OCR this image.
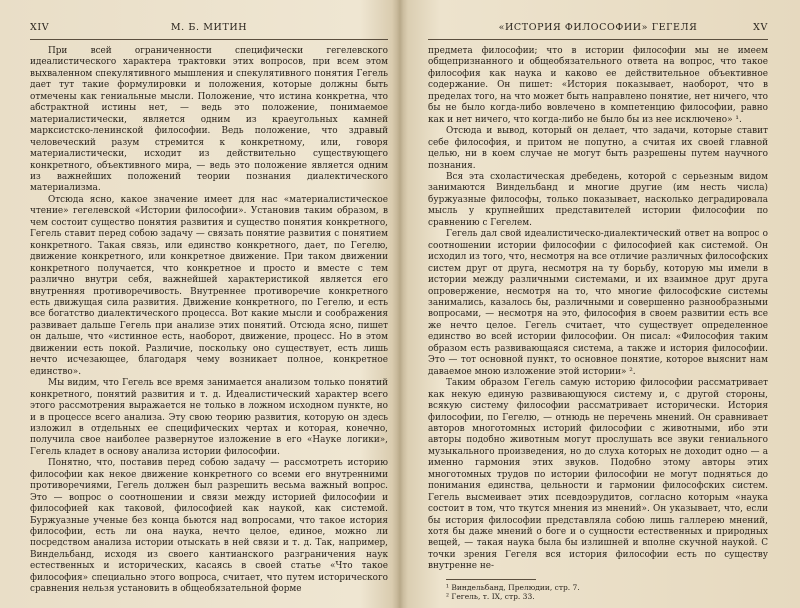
XIV	М. Б. МИТИН

При всей ограниченности специфически гегелевского идеалистического характера трактовки этих вопросов, при всем этом выхваленном спекулятивного мышления и спекулятивного понятия Гегель дает тут такие формулировки и положения, которые должны быть отмечены как гениальные мысли. Положение, что истина конкретна, что абстрактной истины нет, — ведь это положение, понимаемое материалистически, является одним из краеугольных камней марксистско-ленинской философии. Ведь положение, что здравый человеческий разум стремится к конкретному, или, говоря материалистически, исходит из действительно существующего конкретного, объективного мира, — ведь это положение является одним из важнейших положений теории познания диалектического материализма.

Отсюда ясно, какое значение имеет для нас «материалистическое чтение» гегелевской «Истории философии». Установив таким образом, в чем состоит существо понятия развития и существо понятия конкретного, Гегель ставит перед собою задачу — связать понятие развития с понятием конкретного. Такая связь, или единство конкретного, дает, по Гегелю, движение конкретного, или конкретное движение. При таком движении конкретного получается, что конкретное и просто и вместе с тем различно внутри себя, важнейшей характеристикой является его внутренняя противоречивость. Внутреннее противоречие конкретного есть движущая сила развития. Движение конкретного, по Гегелю, и есть все богатство диалектического процесса. Вот какие мысли и соображения развивает дальше Гегель при анализе этих понятий. Отсюда ясно, пишет он дальше, что «истинное есть, наоборот, движение, процесс. Но в этом движении есть покой. Различие, поскольку оно существует, есть лишь нечто исчезающее, благодаря чему возникает полное, конкретное единство».

Мы видим, что Гегель все время занимается анализом только понятий конкретного, понятий развития и т. д. Идеалистический характер всего этого рассмотрения выражается не только в ложном исходном пункте, но и в процессе всего анализа. Эту свою теорию развития, которую он здесь изложил в отдельных ее специфических чертах и которая, конечно, получила свое наиболее развернутое изложение в его «Науке логики», Гегель кладет в основу анализа истории философии.

Понятно, что, поставив перед собою задачу — рассмотреть историю философии как некое движение конкретного со всеми его внутренними противоречиями, Гегель должен был разрешить весьма важный вопрос. Это — вопрос о соотношении и связи между историей философии и философией как таковой, философией как наукой, как системой. Буржуазные ученые без конца бьются над вопросами, что такое история философии, есть ли она наука, нечто целое, единое, можно ли посредством анализа истории отыскать в ней связи и т. д. Так, например, Виндельбанд, исходя из своего кантианского разграничения наук естественных и исторических, касаясь в своей статье «Что такое философия» специально этого вопроса, считает, что путем исторического сравнения нельзя установить в общеобязательной форме

«ИСТОРИЯ ФИЛОСОФИИ» ГЕГЕЛЯ	XV

предмета философии; что в истории философии мы не имеем общепризнанного и общеобязательного ответа на вопрос, что такое философия как наука и каково ее действительное объективное содержание. Он пишет: «История показывает, наоборот, что в пределах того, на что может быть направлено понятие, нет ничего, что бы не было когда-либо вовлечено в компетенцию философии, равно как и нет ничего, что когда-либо не было бы из нее исключено» ¹.

Отсюда и вывод, который он делает, что задачи, которые ставит себе философия, и притом не попутно, а считая их своей главной целью, ни в коем случае не могут быть разрешены путем научного познания.

Вся эта схоластическая дребедень, которой с серьезным видом занимаются Виндельбанд и многие другие (им несть числа) буржуазные философы, только показывает, насколько деградировала мысль у крупнейших представителей истории философии по сравнению с Гегелем.

Гегель дал свой идеалистическо-диалектический ответ на вопрос о соотношении истории философии с философией как системой. Он исходил из того, что, несмотря на все отличие различных философских систем друг от друга, несмотря на ту борьбу, которую мы имели в истории между различными системами, и их взаимное друг друга опровержение, несмотря на то, что многие философские системы занимались, казалось бы, различными и совершенно разнообразными вопросами, — несмотря на это, философия в своем развитии есть все же нечто целое. Гегель считает, что существует определенное единство во всей истории философии. Он писал: «Философия таким образом есть развивающаяся система, а также и история философии. Это — тот основной пункт, то основное понятие, которое выяснит нам даваемое мною изложение этой истории» ².

Таким образом Гегель самую историю философии рассматривает как некую единую развивающуюся систему и, с другой стороны, всякую систему философии рассматривает исторически. История философии, по Гегелю, — отнюдь не перечень мнений. Он сравнивает авторов многотомных историй философии с животными, ибо эти авторы подобно животным могут прослушать все звуки гениального музыкального произведения, но до слуха которых не доходит одно — а именно гармония этих звуков. Подобно этому авторы этих многотомных трудов по истории философии не могут подняться до понимания единства, цельности и гармонии философских систем. Гегель высмеивает этих псевдоэрудитов, согласно которым «наука состоит в том, что ткутся мнения из мнений». Он указывает, что, если бы история философии представляла собою лишь галлерею мнений, хотя бы даже мнений о боге и о сущности естественных и природных вещей, — такая наука была бы излишней и вполне скучной наукой. С точки зрения Гегеля вся история философии есть по существу внутренне не-

¹ Виндельбанд, Прелюдии, стр. 7.

² Гегель, т. IX, стр. 33.
